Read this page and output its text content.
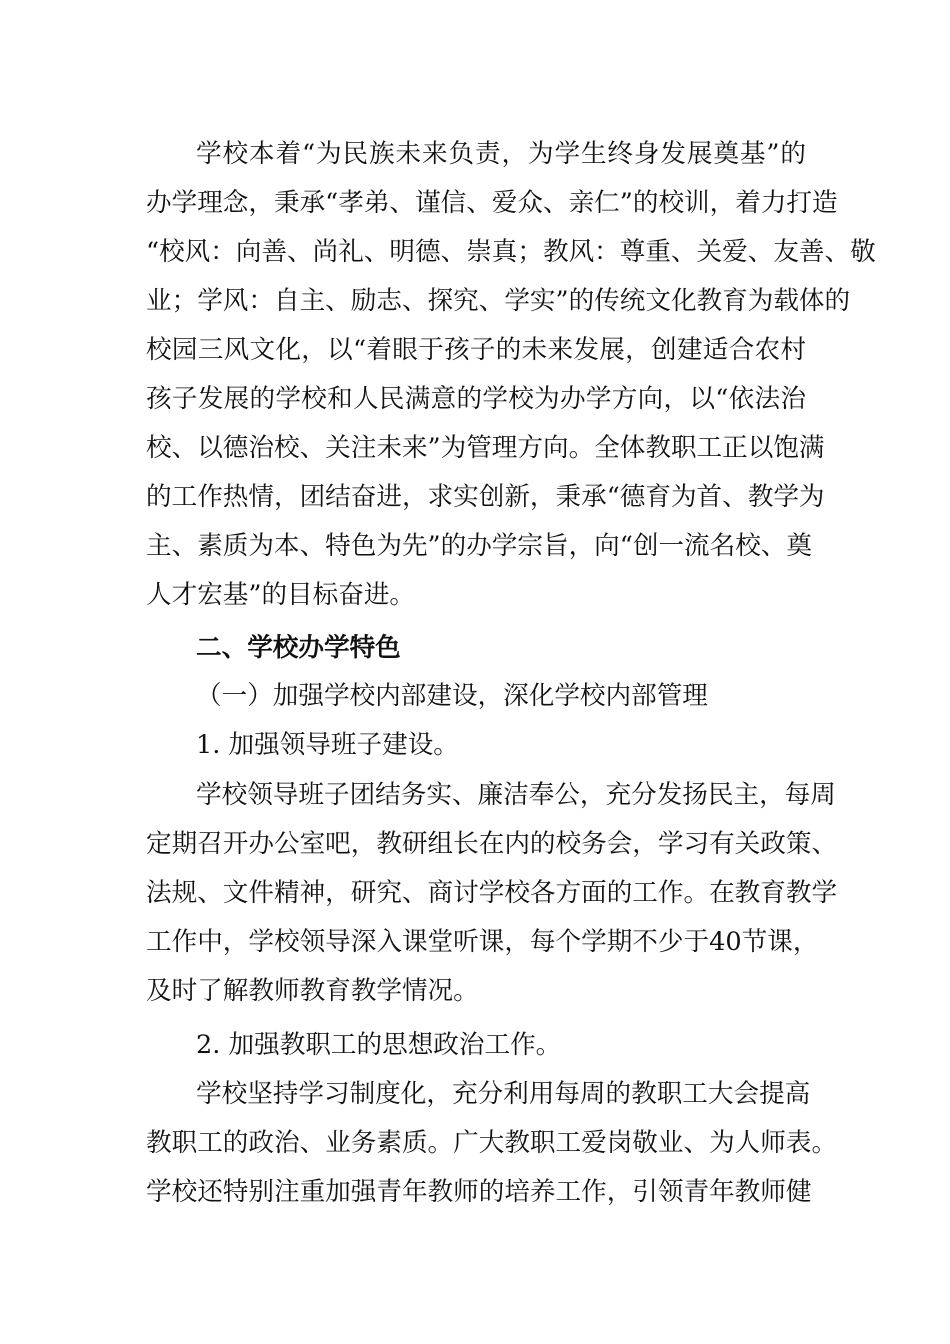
学校本着“为民族未来负责，为学生终身发展奠基”的
办学理念，秉承“孝弟、谨信、爱众、亲仁”的校训，着力打造
“校风：向善、尚礼、明德、崇真；教风：尊重、关爱、友善、敬
业；学风：自主、励志、探究、学实”的传统文化教育为载体的
校园三风文化，以“着眼于孩子的未来发展，创建适合农村
孩子发展的学校和人民满意的学校为办学方向，以“依法治
校、以德治校、关注未来”为管理方向。全体教职工正以饱满
的工作热情，团结奋进，求实创新，秉承“德育为首、教学为
主、素质为本、特色为先”的办学宗旨，向“创一流名校、奠
人才宏基”的目标奋进。
二、学校办学特色
（一）加强学校内部建设，深化学校内部管理
1. 加强领导班子建设。
学校领导班子团结务实、廉洁奉公，充分发扬民主，每周
定期召开办公室吧，教研组长在内的校务会，学习有关政策、
法规、文件精神，研究、商讨学校各方面的工作。在教育教学
工作中，学校领导深入课堂听课，每个学期不少于40节课，
及时了解教师教育教学情况。
2. 加强教职工的思想政治工作。
学校坚持学习制度化，充分利用每周的教职工大会提高
教职工的政治、业务素质。广大教职工爱岗敬业、为人师表。
学校还特别注重加强青年教师的培养工作，引领青年教师健
